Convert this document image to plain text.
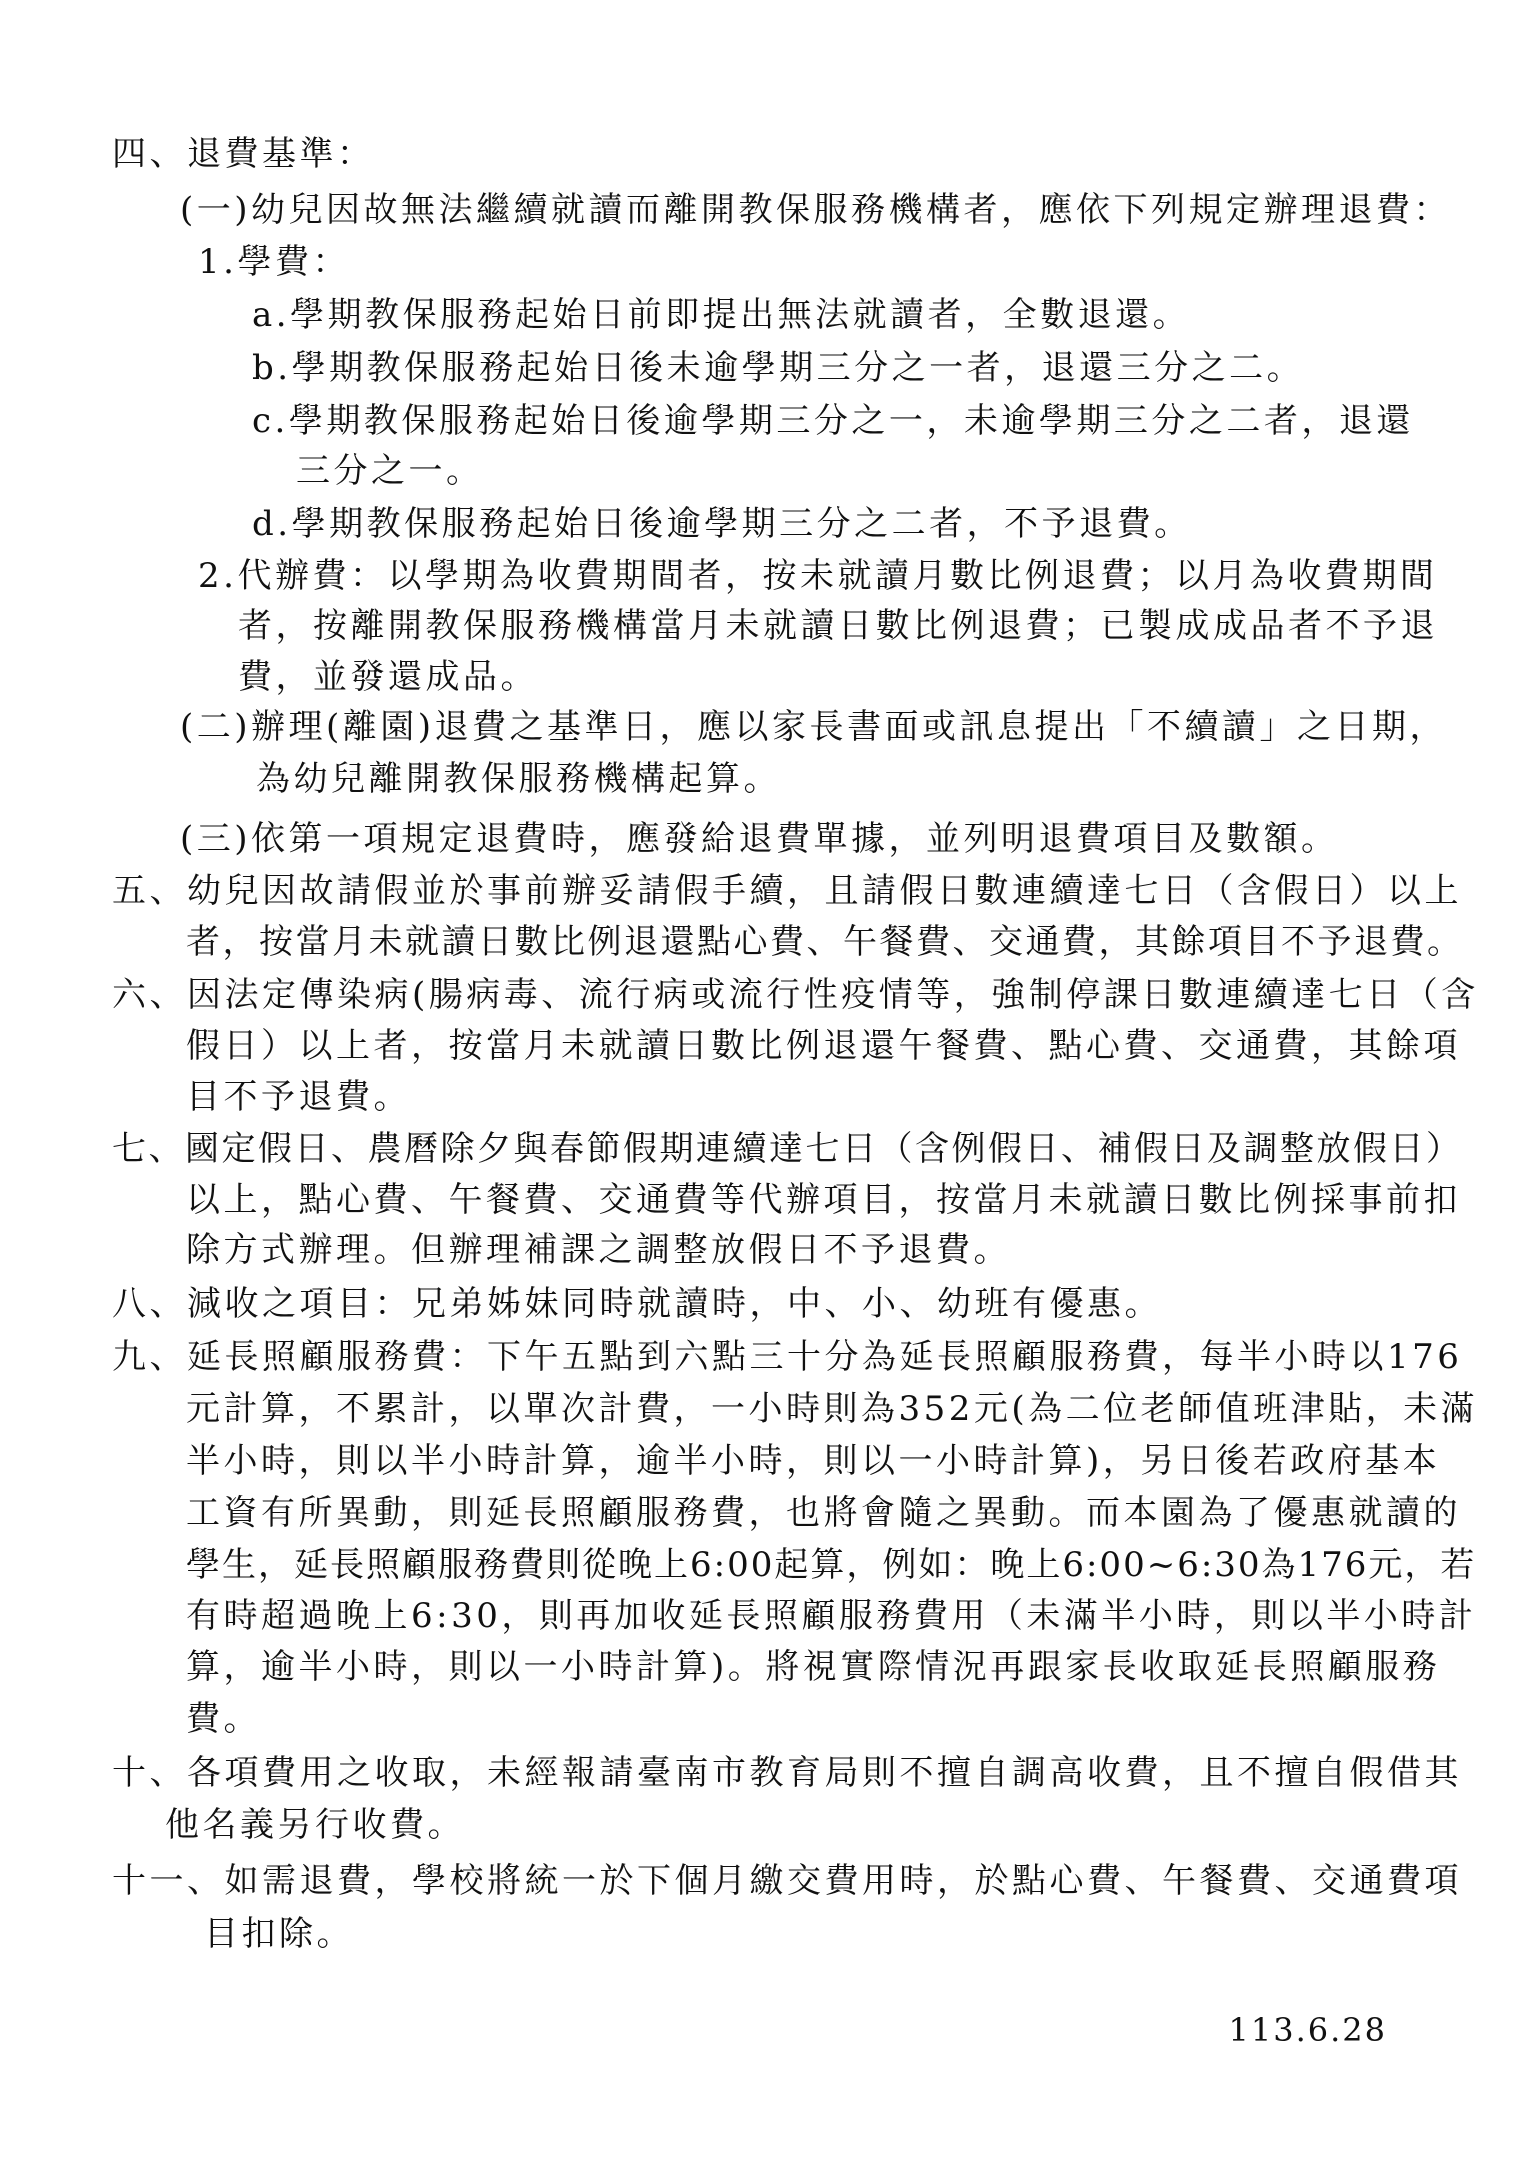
四、退費基準：
(一)幼兒因故無法繼續就讀而離開教保服務機構者，應依下列規定辦理退費：
1.學費：
a.學期教保服務起始日前即提出無法就讀者，全數退還。
b.學期教保服務起始日後未逾學期三分之一者，退還三分之二。
c.學期教保服務起始日後逾學期三分之一，未逾學期三分之二者，退還
三分之一。
d.學期教保服務起始日後逾學期三分之二者，不予退費。
2.代辦費：以學期為收費期間者，按未就讀月數比例退費；以月為收費期間
者，按離開教保服務機構當月未就讀日數比例退費；已製成成品者不予退
費，並發還成品。
(二)辦理(離園)退費之基準日，應以家長書面或訊息提出「不續讀」之日期，
為幼兒離開教保服務機構起算。
(三)依第一項規定退費時，應發給退費單據，並列明退費項目及數額。
五、幼兒因故請假並於事前辦妥請假手續，且請假日數連續達七日（含假日）以上
者，按當月未就讀日數比例退還點心費、午餐費、交通費，其餘項目不予退費。
六、因法定傳染病(腸病毒、流行病或流行性疫情等，強制停課日數連續達七日（含
假日）以上者，按當月未就讀日數比例退還午餐費、點心費、交通費，其餘項
目不予退費。
七、國定假日、農曆除夕與春節假期連續達七日（含例假日、補假日及調整放假日）
以上，點心費、午餐費、交通費等代辦項目，按當月未就讀日數比例採事前扣
除方式辦理。但辦理補課之調整放假日不予退費。
八、減收之項目：兄弟姊妹同時就讀時，中、小、幼班有優惠。
九、延長照顧服務費：下午五點到六點三十分為延長照顧服務費，每半小時以176
元計算，不累計，以單次計費，一小時則為352元(為二位老師值班津貼，未滿
半小時，則以半小時計算，逾半小時，則以一小時計算)，另日後若政府基本
工資有所異動，則延長照顧服務費，也將會隨之異動。而本園為了優惠就讀的
學生，延長照顧服務費則從晚上6:00起算，例如：晚上6:00~6:30為176元，若
有時超過晚上6:30，則再加收延長照顧服務費用（未滿半小時，則以半小時計
算，逾半小時，則以一小時計算)。將視實際情況再跟家長收取延長照顧服務
費。
十、各項費用之收取，未經報請臺南市教育局則不擅自調高收費，且不擅自假借其
他名義另行收費。
十一、如需退費，學校將統一於下個月繳交費用時，於點心費、午餐費、交通費項
目扣除。
113.6.28
